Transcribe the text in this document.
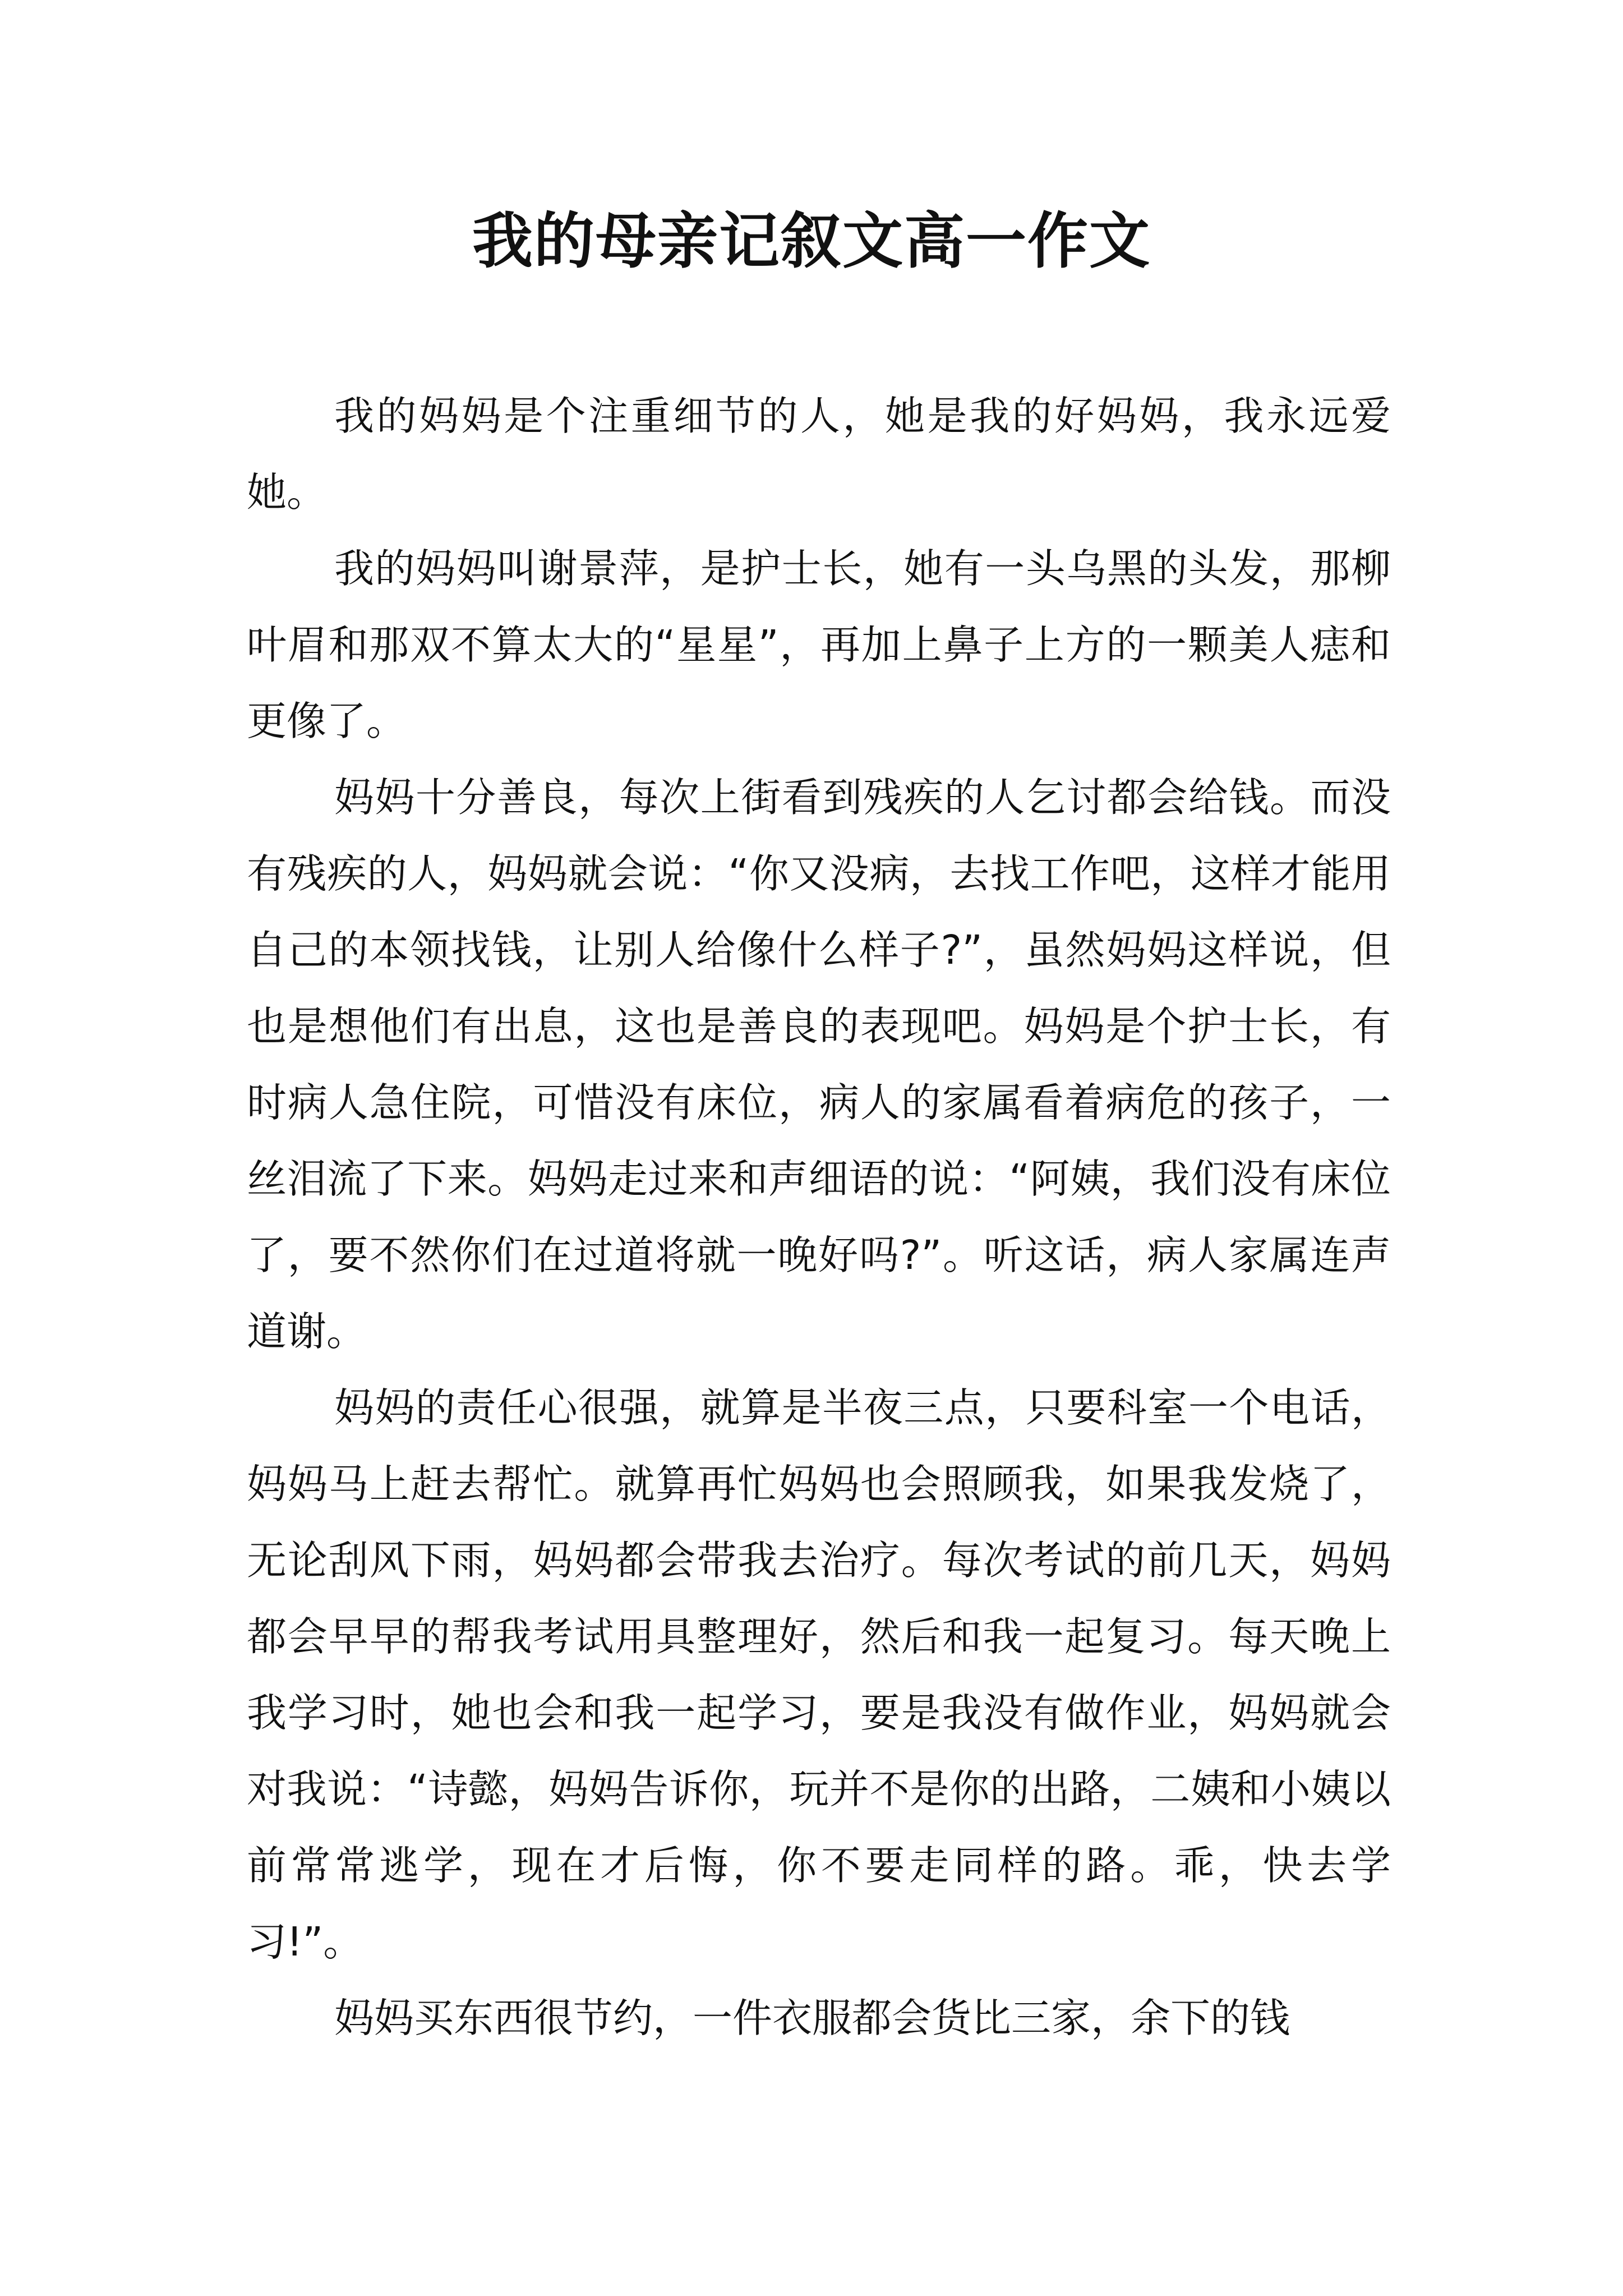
我的母亲记叙文高一作文

我的妈妈是个注重细节的人，她是我的好妈妈，我永远爱她。

我的妈妈叫谢景萍，是护士长，她有一头乌黑的头发，那柳叶眉和那双不算太大的“星星”，再加上鼻子上方的一颗美人痣和更像了。

妈妈十分善良，每次上街看到残疾的人乞讨都会给钱。而没有残疾的人，妈妈就会说：“你又没病，去找工作吧，这样才能用自己的本领找钱，让别人给像什么样子?”，虽然妈妈这样说，但也是想他们有出息，这也是善良的表现吧。妈妈是个护士长，有时病人急住院，可惜没有床位，病人的家属看着病危的孩子，一丝泪流了下来。妈妈走过来和声细语的说：“阿姨，我们没有床位了，要不然你们在过道将就一晚好吗?”。听这话，病人家属连声道谢。

妈妈的责任心很强，就算是半夜三点，只要科室一个电话，妈妈马上赶去帮忙。就算再忙妈妈也会照顾我，如果我发烧了，无论刮风下雨，妈妈都会带我去治疗。每次考试的前几天，妈妈都会早早的帮我考试用具整理好，然后和我一起复习。每天晚上我学习时，她也会和我一起学习，要是我没有做作业，妈妈就会对我说：“诗懿，妈妈告诉你，玩并不是你的出路，二姨和小姨以前常常逃学，现在才后悔，你不要走同样的路。乖，快去学习!”。

妈妈买东西很节约，一件衣服都会货比三家，余下的钱
